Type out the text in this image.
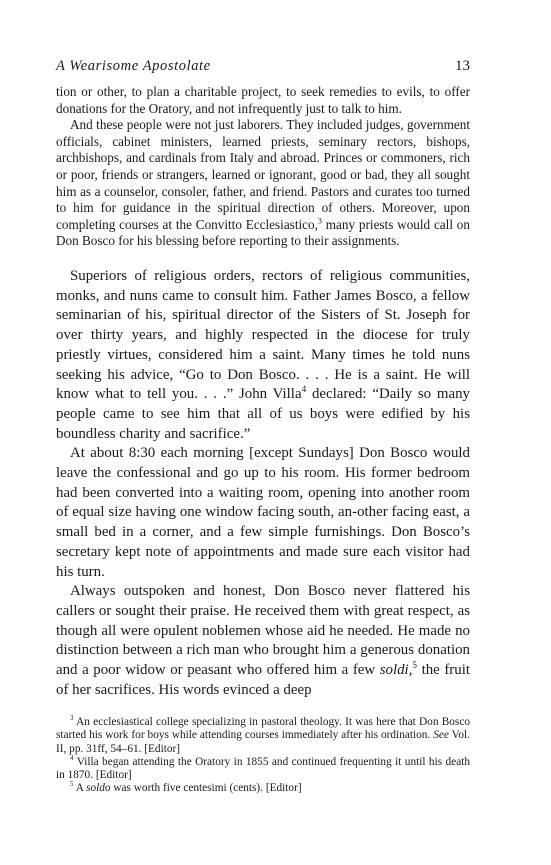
A Wearisome Apostolate	13

tion or other, to plan a charitable project, to seek remedies to evils, to offer donations for the Oratory, and not infrequently just to talk to him.

And these people were not just laborers. They included judges, government officials, cabinet ministers, learned priests, seminary rectors, bishops, archbishops, and cardinals from Italy and abroad. Princes or commoners, rich or poor, friends or strangers, learned or ignorant, good or bad, they all sought him as a counselor, consoler, father, and friend. Pastors and curates too turned to him for guidance in the spiritual direction of others. Moreover, upon completing courses at the Convitto Ecclesiastico,$^3$ many priests would call on Don Bosco for his blessing before reporting to their assignments.

Superiors of religious orders, rectors of religious communities, monks, and nuns came to consult him. Father James Bosco, a fellow seminarian of his, spiritual director of the Sisters of St. Joseph for over thirty years, and highly respected in the diocese for truly priestly virtues, considered him a saint. Many times he told nuns seeking his advice, “Go to Don Bosco. . . . He is a saint. He will know what to tell you. . . .” John Villa$^4$ declared: “Daily so many people came to see him that all of us boys were edified by his boundless charity and sacrifice.”

At about 8:30 each morning [except Sundays] Don Bosco would leave the confessional and go up to his room. His former bedroom had been converted into a waiting room, opening into another room of equal size having one window facing south, an-other facing east, a small bed in a corner, and a few simple furnishings. Don Bosco’s secretary kept note of appointments and made sure each visitor had his turn.

Always outspoken and honest, Don Bosco never flattered his callers or sought their praise. He received them with great respect, as though all were opulent noblemen whose aid he needed. He made no distinction between a rich man who brought him a generous donation and a poor widow or peasant who offered him a few soldi,$^5$ the fruit of her sacrifices. His words evinced a deep

$^3$ An ecclesiastical college specializing in pastoral theology. It was here that Don Bosco started his work for boys while attending courses immediately after his ordination. See Vol. II, pp. 31ff, 54–61. [Editor]

$^4$ Villa began attending the Oratory in 1855 and continued frequenting it until his death in 1870. [Editor]

$^5$ A soldo was worth five centesimi (cents). [Editor]
